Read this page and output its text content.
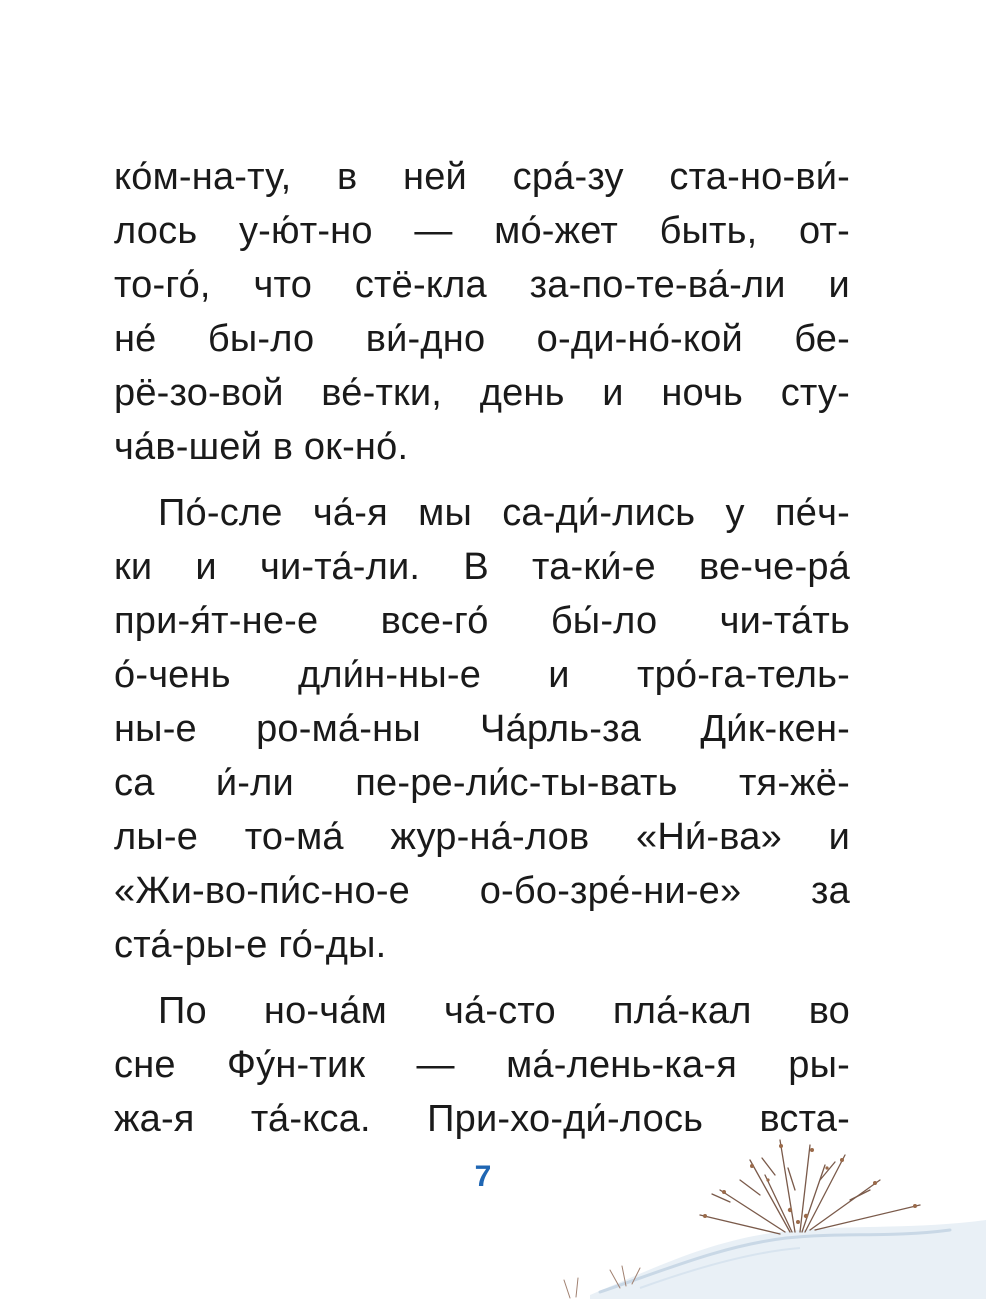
ко́м-на-ту, в ней сра́-зу ста-но-ви́-
лось у-ю́т-но — мо́-жет быть, от-
то-го́, что стё-кла за-по-те-ва́-ли и
не́ бы-ло ви́-дно о-ди-но́-кой бе-
рё-зо-вой ве́-тки, день и ночь сту-
ча́в-шей в ок-но́.
По́-сле ча́-я мы са-ди́-лись у пе́ч-
ки и чи-та́-ли. В та-ки́-е ве-че-ра́
при-я́т-не-е все-го́ бы́-ло чи-та́ть
о́-чень дли́н-ны-е и тро́-га-тель-
ны-е ро-ма́-ны Ча́рль-за Ди́к-кен-
са и́-ли пе-ре-ли́с-ты-вать тя-жё-
лы-е то-ма́ жур-на́-лов «Ни́-ва» и
«Жи-во-пи́с-но-е о-бо-зре́-ни-е» за
ста́-ры-е го́-ды.
По но-ча́м ча́-сто пла́-кал во
сне Фу́н-тик — ма́-лень-ка-я ры-
жа-я та́-кса. При-хо-ди́-лось вста-
7
